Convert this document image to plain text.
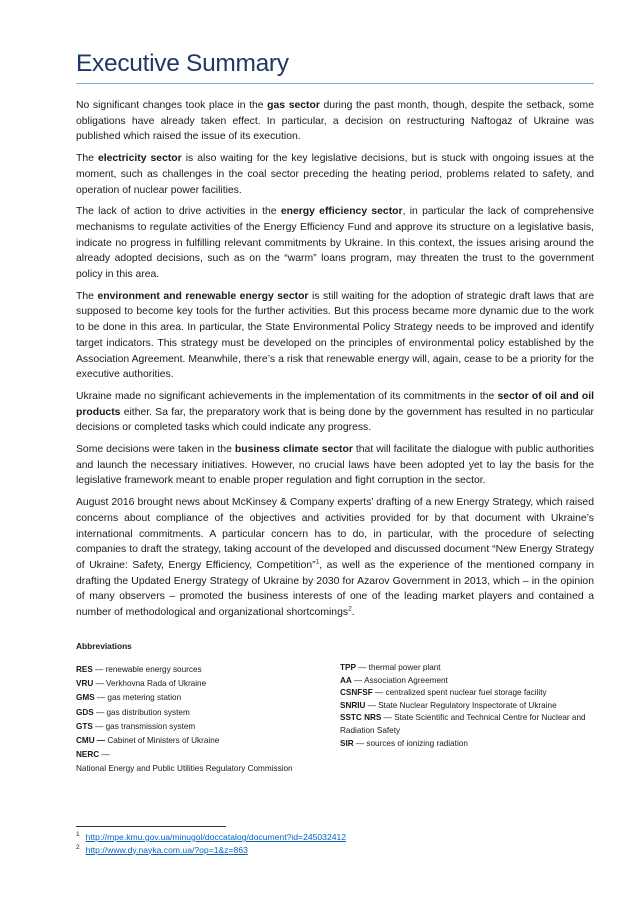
Executive Summary

No significant changes took place in the gas sector during the past month, though, despite the setback, some obligations have already taken effect. In particular, a decision on restructuring Naftogaz of Ukraine was published which raised the issue of its execution.

The electricity sector is also waiting for the key legislative decisions, but is stuck with ongoing issues at the moment, such as challenges in the coal sector preceding the heating period, problems related to safety, and operation of nuclear power facilities.

The lack of action to drive activities in the energy efficiency sector, in particular the lack of comprehensive mechanisms to regulate activities of the Energy Efficiency Fund and approve its structure on a legislative basis, indicate no progress in fulfilling relevant commitments by Ukraine. In this context, the issues arising around the already adopted decisions, such as on the “warm” loans program, may threaten the trust to the government policy in this area.

The environment and renewable energy sector is still waiting for the adoption of strategic draft laws that are supposed to become key tools for the further activities. But this process became more dynamic due to the work to be done in this area. In particular, the State Environmental Policy Strategy needs to be improved and identify target indicators. This strategy must be developed on the principles of environmental policy established by the Association Agreement. Meanwhile, there’s a risk that renewable energy will, again, cease to be a priority for the executive authorities.

Ukraine made no significant achievements in the implementation of its commitments in the sector of oil and oil products either. Sa far, the preparatory work that is being done by the government has resulted in no particular decisions or completed tasks which could indicate any progress.

Some decisions were taken in the business climate sector that will facilitate the dialogue with public authorities and launch the necessary initiatives. However, no crucial laws have been adopted yet to lay the basis for the legislative framework meant to enable proper regulation and fight corruption in the sector.

August 2016 brought news about McKinsey & Company experts’ drafting of a new Energy Strategy, which raised concerns about compliance of the objectives and activities provided for by that document with Ukraine’s international commitments. A particular concern has to do, in particular, with the procedure of selecting companies to draft the strategy, taking account of the developed and discussed document “New Energy Strategy of Ukraine: Safety, Energy Efficiency, Competition”$^1$, as well as the experience of the mentioned company in drafting the Updated Energy Strategy of Ukraine by 2030 for Azarov Government in 2013, which – in the opinion of many observers – promoted the business interests of one of the leading market players and contained a number of methodological and organizational shortcomings$^2$.

Abbreviations

RES — renewable energy sources

VRU — Verkhovna Rada of Ukraine

GMS — gas metering station

GDS — gas distribution system

GTS — gas transmission system

CMU — Cabinet of Ministers of Ukraine

NERC —

National Energy and Public Utilities Regulatory Commission

TPP — thermal power plant

AA — Association Agreement

CSNFSF — centralized spent nuclear fuel storage facility

SNRIU — State Nuclear Regulatory Inspectorate of Ukraine

SSTC NRS — State Scientific and Technical Centre for Nuclear and Radiation Safety

SIR — sources of ionizing radiation

$^1$ http://mpe.kmu.gov.ua/minugol/doccatalog/document?id=245032412

$^2$ http://www.dy.nayka.com.ua/?op=1&z=863
